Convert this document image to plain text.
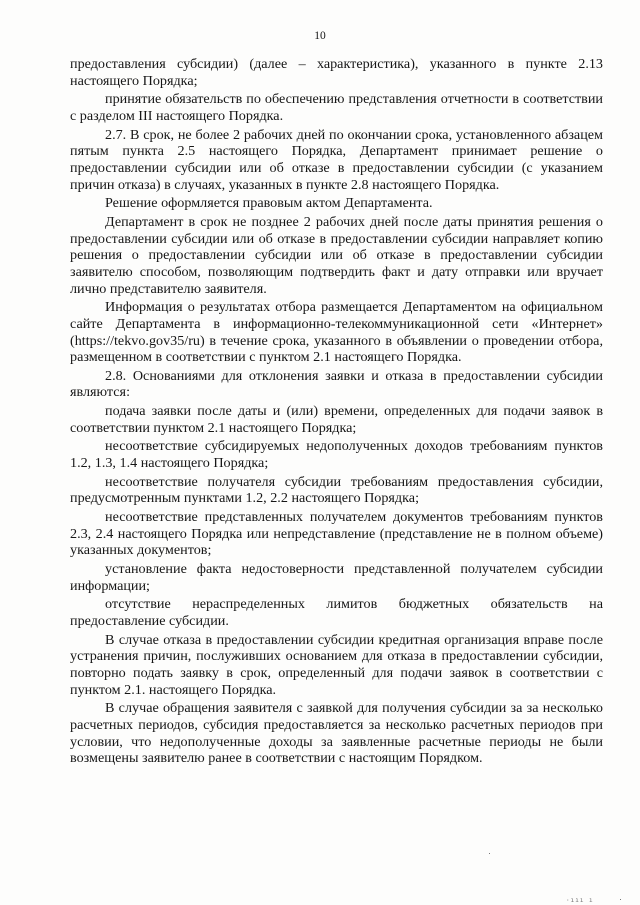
10

предоставления субсидии) (далее – характеристика), указанного в пункте 2.13 настоящего Порядка;

принятие обязательств по обеспечению представления отчетности в соответствии с разделом III настоящего Порядка.

2.7. В срок, не более 2 рабочих дней по окончании срока, установленного абзацем пятым пункта 2.5 настоящего Порядка, Департамент принимает решение о предоставлении субсидии или об отказе в предоставлении субсидии (с указанием причин отказа) в случаях, указанных в пункте 2.8 настоящего Порядка.

Решение оформляется правовым актом Департамента.

Департамент в срок не позднее 2 рабочих дней после даты принятия решения о предоставлении субсидии или об отказе в предоставлении субсидии направляет копию решения о предоставлении субсидии или об отказе в предоставлении субсидии заявителю способом, позволяющим подтвердить факт и дату отправки или вручает лично представителю заявителя.

Информация о результатах отбора размещается Департаментом на официальном сайте Департамента в информационно-телекоммуникационной сети «Интернет» (https://tekvo.gov35/ru) в течение срока, указанного в объявлении о проведении отбора, размещенном в соответствии с пунктом 2.1 настоящего Порядка.

2.8. Основаниями для отклонения заявки и отказа в предоставлении субсидии являются:

подача заявки после даты и (или) времени, определенных для подачи заявок в соответствии пунктом 2.1 настоящего Порядка;

несоответствие субсидируемых недополученных доходов требованиям пунктов 1.2, 1.3, 1.4 настоящего Порядка;

несоответствие получателя субсидии требованиям предоставления субсидии, предусмотренным пунктами 1.2, 2.2 настоящего Порядка;

несоответствие представленных получателем документов требованиям пунктов 2.3, 2.4 настоящего Порядка или непредставление (представление не в полном объеме) указанных документов;

установление факта недостоверности представленной получателем субсидии информации;

отсутствие нераспределенных лимитов бюджетных обязательств на предоставление субсидии.

В случае отказа в предоставлении субсидии кредитная организация вправе после устранения причин, послуживших основанием для отказа в предоставлении субсидии, повторно подать заявку в срок, определенный для подачи заявок в соответствии с пунктом 2.1. настоящего Порядка.

В случае обращения заявителя с заявкой для получения субсидии за за несколько расчетных периодов, субсидия предоставляется за несколько расчетных периодов при условии, что недополученные доходы за заявленные расчетные периоды не были возмещены заявителю ранее в соответствии с настоящим Порядком.

·ııı ı
